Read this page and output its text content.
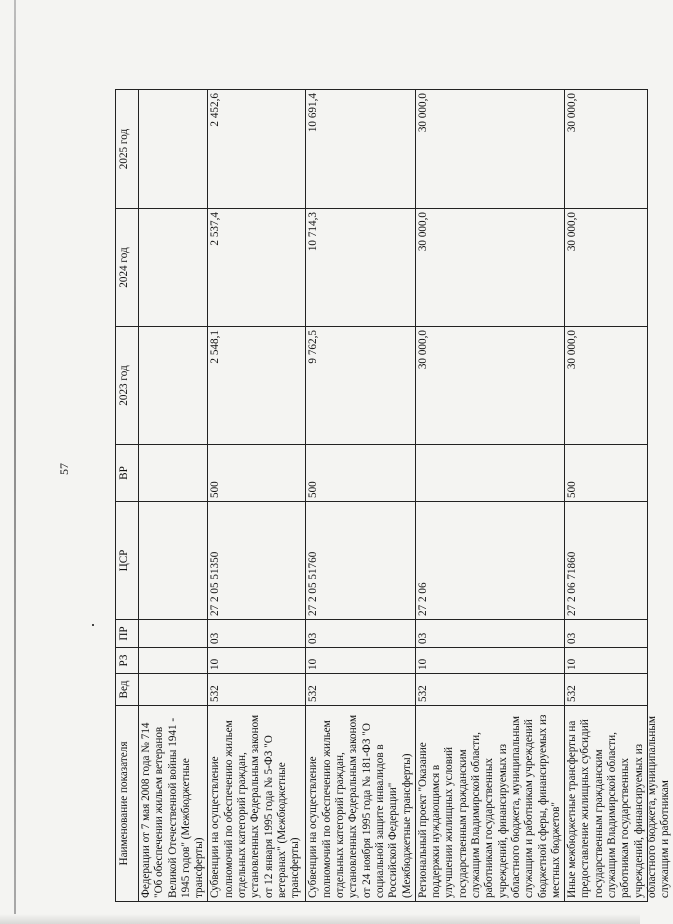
57
Наименование показателя	Вед	РЗ	ПР	ЦСР	ВР	2023 год	2024 год	2025 год
Федерации от 7 мая 2008 года № 714 "Об обеспечении жильем ветеранов Великой Отечественной войны 1941 - 1945 годов" (Межбюджетные трансферты)								
Субвенции на осуществление полномочий по обеспечению жильем отдельных категорий граждан, установленных Федеральным законом от 12 января 1995 года № 5-ФЗ "О ветеранах" (Межбюджетные трансферты)	532	10	03	27 2 05 51350	500	2 548,1	2 537,4	2 452,6
Субвенции на осуществление полномочий по обеспечению жильем отдельных категорий граждан, установленных Федеральным законом от 24 ноября 1995 года № 181-ФЗ "О социальной защите инвалидов в Российской Федерации" (Межбюджетные трансферты)	532	10	03	27 2 05 51760	500	9 762,5	10 714,3	10 691,4
Региональный проект "Оказание поддержки нуждающимся в улучшении жилищных условий государственным гражданским служащим Владимирской области, работникам государственных учреждений, финансируемых из областного бюджета, муниципальным служащим и работникам учреждений бюджетной сферы, финансируемых из местных бюджетов"	532	10	03	27 2 06		30 000,0	30 000,0	30 000,0

Иные межбюджетные трансферты на предоставление жилищных субсидий государственным гражданским служащим Владимирской области, работникам государственных учреждений, финансируемых из областного бюджета, муниципальным служащим и работникам	532	10	03	27 2 06 71860	500	30 000,0	30 000,0	30 000,0
